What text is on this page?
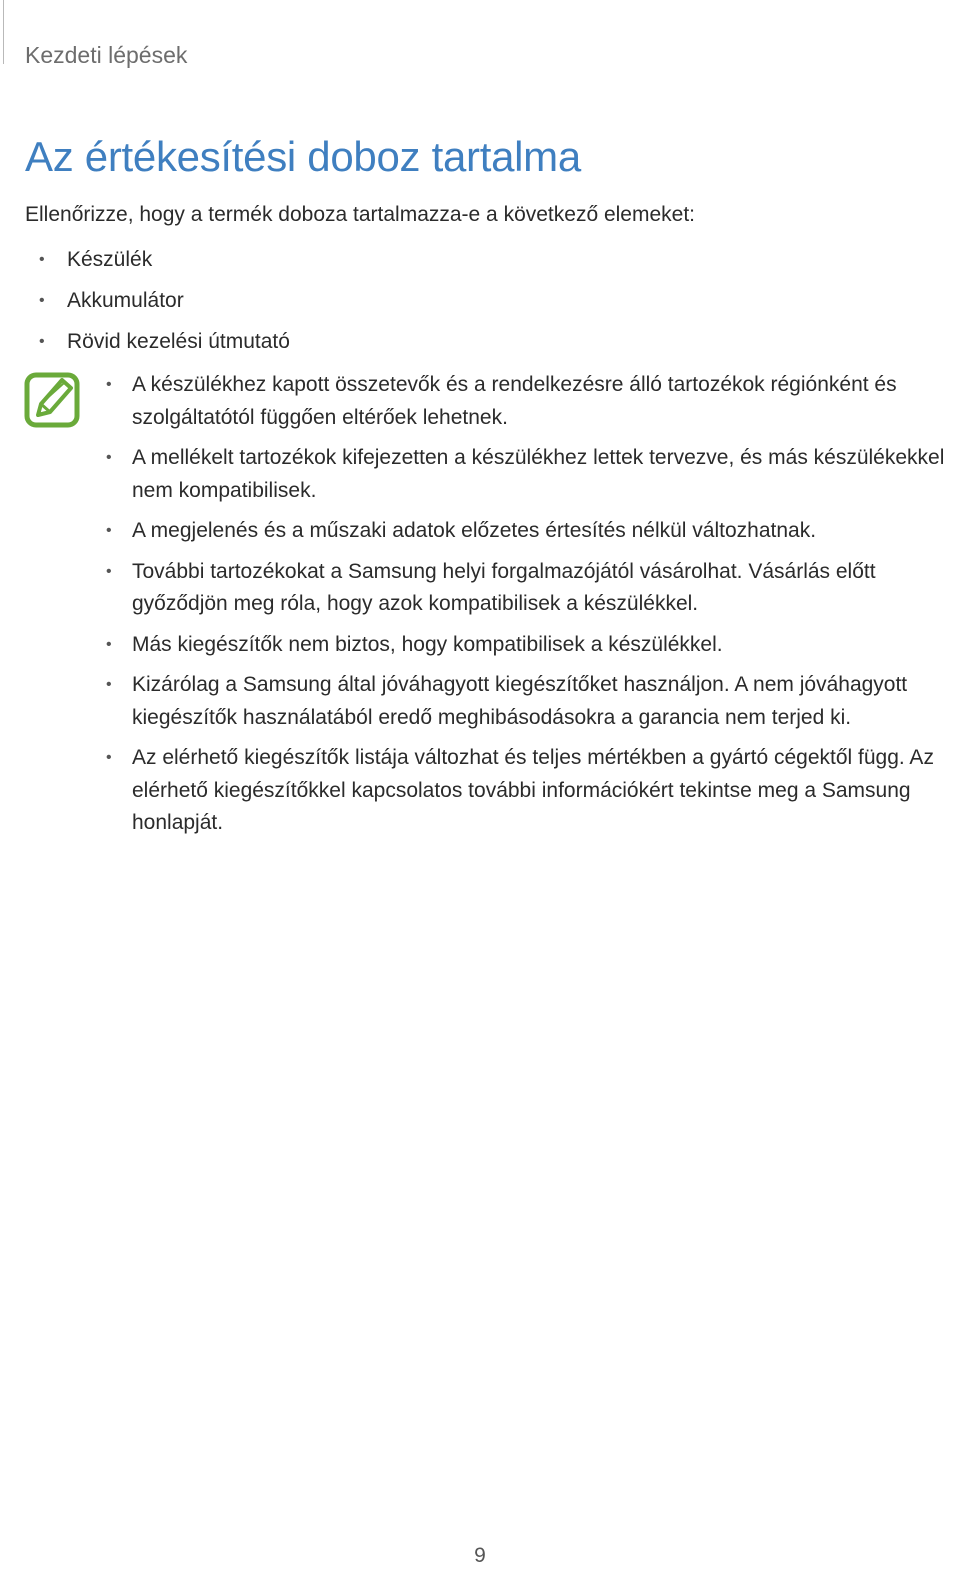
Kezdeti lépések
Az értékesítési doboz tartalma
Ellenőrizze, hogy a termék doboza tartalmazza-e a következő elemeket:
• Készülék
• Akkumulátor
• Rövid kezelési útmutató
• A készülékhez kapott összetevők és a rendelkezésre álló tartozékok régiónként és szolgáltatótól függően eltérőek lehetnek.
• A mellékelt tartozékok kifejezetten a készülékhez lettek tervezve, és más készülékekkel nem kompatibilisek.
• A megjelenés és a műszaki adatok előzetes értesítés nélkül változhatnak.
• További tartozékokat a Samsung helyi forgalmazójától vásárolhat. Vásárlás előtt győződjön meg róla, hogy azok kompatibilisek a készülékkel.
• Más kiegészítők nem biztos, hogy kompatibilisek a készülékkel.
• Kizárólag a Samsung által jóváhagyott kiegészítőket használjon. A nem jóváhagyott kiegészítők használatából eredő meghibásodásokra a garancia nem terjed ki.
• Az elérhető kiegészítők listája változhat és teljes mértékben a gyártó cégektől függ. Az elérhető kiegészítőkkel kapcsolatos további információkért tekintse meg a Samsung honlapját.
9
